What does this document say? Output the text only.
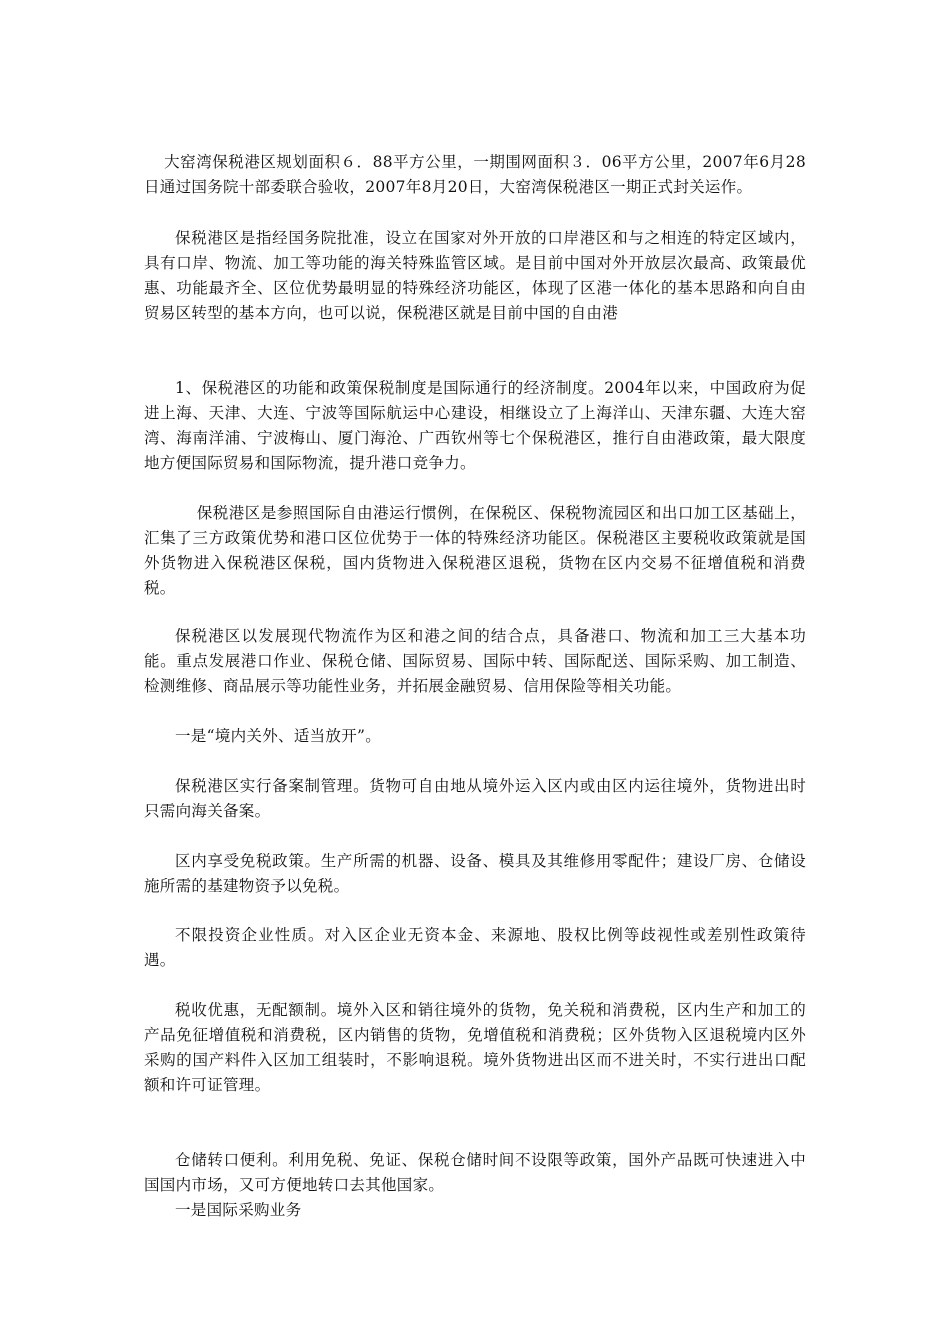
大窑湾保税港区规划面积６．88平方公里，一期围网面积３．06平方公里，2007年6月28日通过国务院十部委联合验收，2007年8月20日，大窑湾保税港区一期正式封关运作。

保税港区是指经国务院批准，设立在国家对外开放的口岸港区和与之相连的特定区域内，具有口岸、物流、加工等功能的海关特殊监管区域。是目前中国对外开放层次最高、政策最优惠、功能最齐全、区位优势最明显的特殊经济功能区，体现了区港一体化的基本思路和向自由贸易区转型的基本方向，也可以说，保税港区就是目前中国的自由港

1、保税港区的功能和政策保税制度是国际通行的经济制度。2004年以来，中国政府为促进上海、天津、大连、宁波等国际航运中心建设，相继设立了上海洋山、天津东疆、大连大窑湾、海南洋浦、宁波梅山、厦门海沧、广西钦州等七个保税港区，推行自由港政策，最大限度地方便国际贸易和国际物流，提升港口竞争力。

保税港区是参照国际自由港运行惯例，在保税区、保税物流园区和出口加工区基础上，汇集了三方政策优势和港口区位优势于一体的特殊经济功能区。保税港区主要税收政策就是国外货物进入保税港区保税，国内货物进入保税港区退税，货物在区内交易不征增值税和消费税。

保税港区以发展现代物流作为区和港之间的结合点，具备港口、物流和加工三大基本功能。重点发展港口作业、保税仓储、国际贸易、国际中转、国际配送、国际采购、加工制造、检测维修、商品展示等功能性业务，并拓展金融贸易、信用保险等相关功能。

一是“境内关外、适当放开”。

保税港区实行备案制管理。货物可自由地从境外运入区内或由区内运往境外，货物进出时只需向海关备案。

区内享受免税政策。生产所需的机器、设备、模具及其维修用零配件；建设厂房、仓储设施所需的基建物资予以免税。

不限投资企业性质。对入区企业无资本金、来源地、股权比例等歧视性或差别性政策待遇。

税收优惠，无配额制。境外入区和销往境外的货物，免关税和消费税，区内生产和加工的产品免征增值税和消费税，区内销售的货物，免增值税和消费税；区外货物入区退税境内区外采购的国产料件入区加工组装时，不影响退税。境外货物进出区而不进关时，不实行进出口配额和许可证管理。

仓储转口便利。利用免税、免证、保税仓储时间不设限等政策，国外产品既可快速进入中国国内市场，又可方便地转口去其他国家。

一是国际采购业务
